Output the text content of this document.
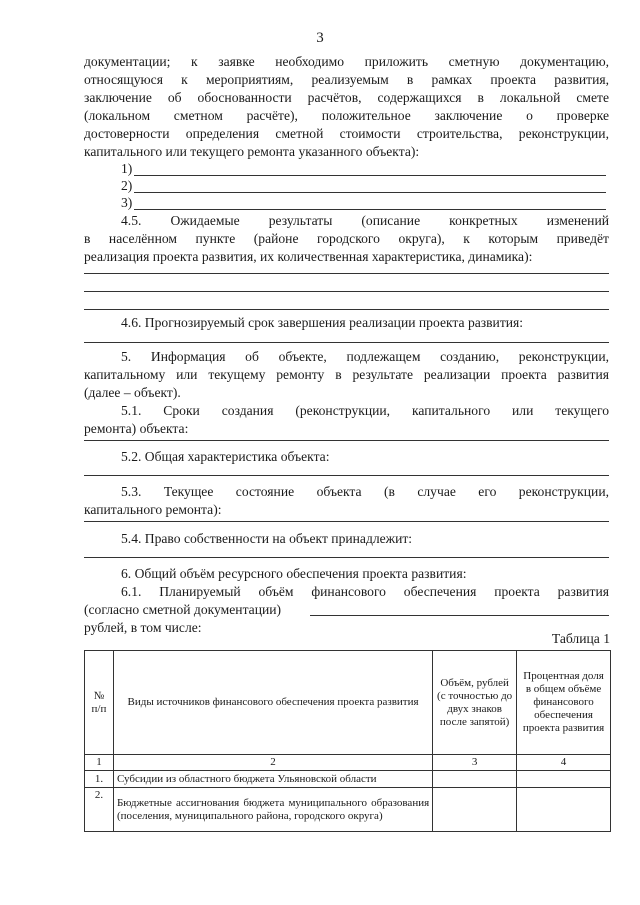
3
документации; к заявке необходимо приложить сметную документацию,
относящуюся к мероприятиям, реализуемым в рамках проекта развития,
заключение об обоснованности расчётов, содержащихся в локальной смете
(локальном сметном расчёте), положительное заключение о проверке
достоверности определения сметной стоимости строительства, реконструкции,
капитального или текущего ремонта указанного объекта):
1)
2)
3)
4.5. Ожидаемые результаты (описание конкретных изменений
в населённом пункте (районе городского округа), к которым приведёт
реализация проекта развития, их количественная характеристика, динамика):
4.6. Прогнозируемый срок завершения реализации проекта развития:
5. Информация об объекте, подлежащем созданию, реконструкции,
капитальному или текущему ремонту в результате реализации проекта развития
(далее – объект).
5.1. Сроки создания (реконструкции, капитального или текущего
ремонта) объекта:
5.2. Общая характеристика объекта:
5.3. Текущее состояние объекта (в случае его реконструкции,
капитального ремонта):
5.4. Право собственности на объект принадлежит:
6. Общий объём ресурсного обеспечения проекта развития:
6.1. Планируемый объём финансового обеспечения проекта развития
(согласно сметной документации)
рублей, в том числе:
Таблица 1
№ п/п	Виды источников финансового обеспечения проекта развития	Объём, рублей (с точностью до двух знаков после запятой)	Процентная доля в общем объёме финансового обеспечения проекта развития
1	2	3	4
1.	Субсидии из областного бюджета Ульяновской области		
2.	Бюджетные ассигнования бюджета муниципального образования (поселения, муниципального района, городского округа)		
